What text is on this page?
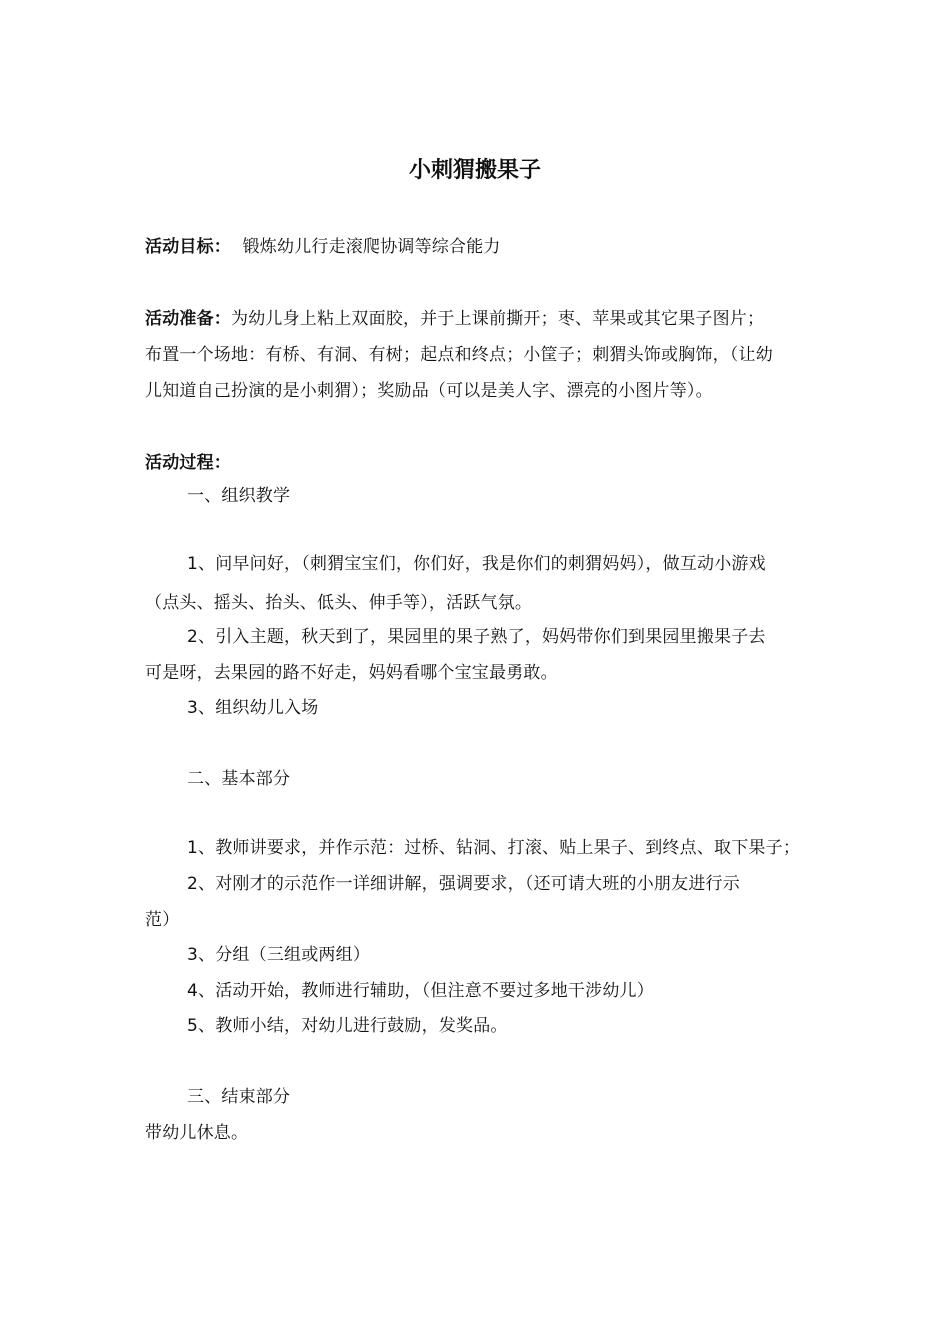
小刺猬搬果子
活动目标： 锻炼幼儿行走滚爬协调等综合能力
活动准备：为幼儿身上粘上双面胶，并于上课前撕开；枣、苹果或其它果子图片；
布置一个场地：有桥、有洞、有树；起点和终点；小筐子；刺猬头饰或胸饰，（让幼
儿知道自己扮演的是小刺猬）；奖励品（可以是美人字、漂亮的小图片等）。
活动过程：
一、组织教学
1、问早问好，（刺猬宝宝们，你们好，我是你们的刺猬妈妈），做互动小游戏
（点头、摇头、抬头、低头、伸手等），活跃气氛。
2、引入主题，秋天到了，果园里的果子熟了，妈妈带你们到果园里搬果子去
可是呀，去果园的路不好走，妈妈看哪个宝宝最勇敢。
3、组织幼儿入场
二、基本部分
1、教师讲要求，并作示范：过桥、钻洞、打滚、贴上果子、到终点、取下果子；
2、对刚才的示范作一详细讲解，强调要求，（还可请大班的小朋友进行示
范）
3、分组（三组或两组）
4、活动开始，教师进行辅助，（但注意不要过多地干涉幼儿）
5、教师小结，对幼儿进行鼓励，发奖品。
三、结束部分
带幼儿休息。
